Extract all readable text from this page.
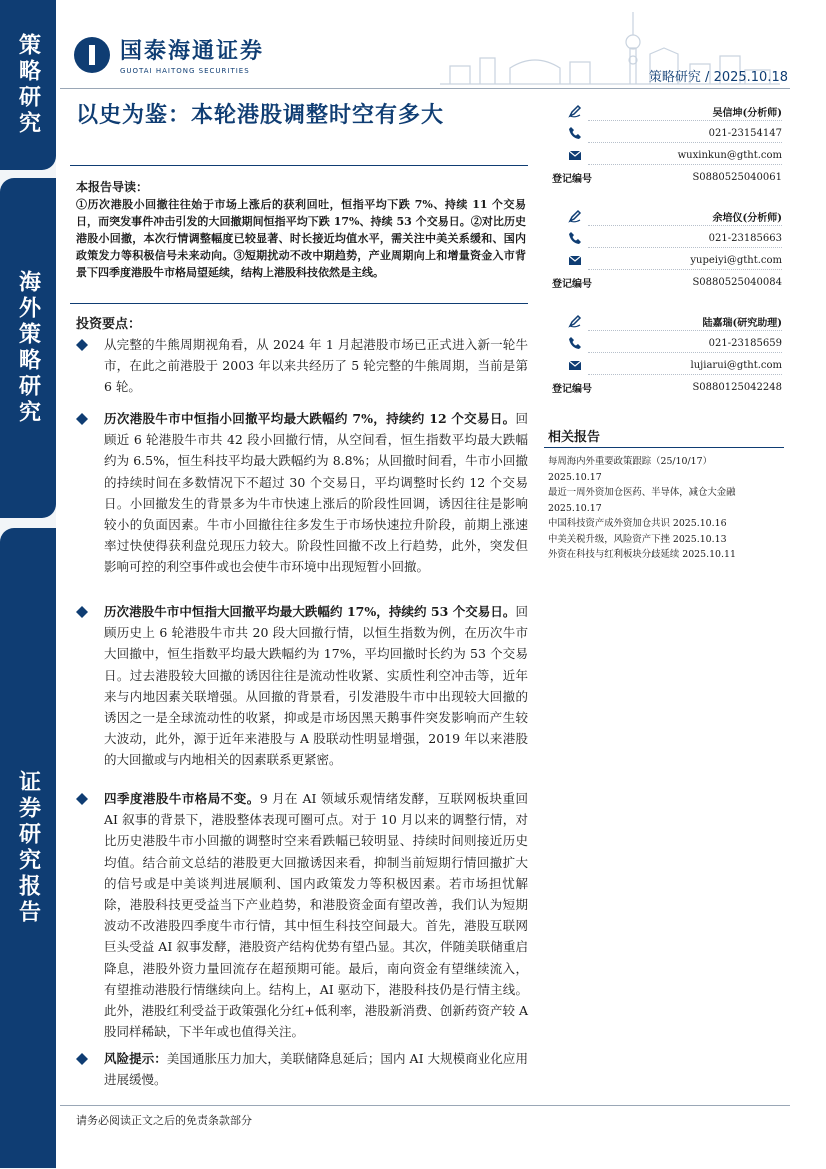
策略研究
海外策略研究
证券研究报告
国泰海通证券
GUOTAI HAITONG SECURITIES	策略研究 / 2025.10.18
以史为鉴：本轮港股调整时空有多大
本报告导读：
①历次港股小回撤往往始于市场上涨后的获利回吐，恒指平均下跌 7%、持续 11 个交易日，而突发事件冲击引发的大回撤期间恒指平均下跌 17%、持续 53 个交易日。②对比历史港股小回撤，本次行情调整幅度已较显著、时长接近均值水平，需关注中美关系缓和、国内政策发力等积极信号未来动向。③短期扰动不改中期趋势，产业周期向上和增量资金入市背景下四季度港股牛市格局望延续，结构上港股科技依然是主线。
投资要点：
从完整的牛熊周期视角看，从 2024 年 1 月起港股市场已正式进入新一轮牛市，在此之前港股于 2003 年以来共经历了 5 轮完整的牛熊周期，当前是第 6 轮。
历次港股牛市中恒指小回撤平均最大跌幅约 7%，持续约 12 个交易日。回顾近 6 轮港股牛市共 42 段小回撤行情，从空间看，恒生指数平均最大跌幅约为 6.5%，恒生科技平均最大跌幅约为 8.8%；从回撤时间看，牛市小回撤的持续时间在多数情况下不超过 30 个交易日，平均调整时长约 12 个交易日。小回撤发生的背景多为牛市快速上涨后的阶段性回调，诱因往往是影响较小的负面因素。牛市小回撤往往多发生于市场快速拉升阶段，前期上涨速率过快使得获利盘兑现压力较大。阶段性回撤不改上行趋势，此外，突发但影响可控的利空事件或也会使牛市环境中出现短暂小回撤。
历次港股牛市中恒指大回撤平均最大跌幅约 17%，持续约 53 个交易日。回顾历史上 6 轮港股牛市共 20 段大回撤行情，以恒生指数为例，在历次牛市大回撤中，恒生指数平均最大跌幅约为 17%，平均回撤时长约为 53 个交易日。过去港股较大回撤的诱因往往是流动性收紧、实质性利空冲击等，近年来与内地因素关联增强。从回撤的背景看，引发港股牛市中出现较大回撤的诱因之一是全球流动性的收紧，抑或是市场因黑天鹅事件突发影响而产生较大波动，此外，源于近年来港股与 A 股联动性明显增强，2019 年以来港股的大回撤或与内地相关的因素联系更紧密。
四季度港股牛市格局不变。9 月在 AI 领域乐观情绪发酵，互联网板块重回 AI 叙事的背景下，港股整体表现可圈可点。对于 10 月以来的调整行情，对比历史港股牛市小回撤的调整时空来看跌幅已较明显、持续时间则接近历史均值。结合前文总结的港股更大回撤诱因来看，抑制当前短期行情回撤扩大的信号或是中美谈判进展顺利、国内政策发力等积极因素。若市场担忧解除，港股科技更受益当下产业趋势，和港股资金面有望改善，我们认为短期波动不改港股四季度牛市行情，其中恒生科技空间最大。首先，港股互联网巨头受益 AI 叙事发酵，港股资产结构优势有望凸显。其次，伴随美联储重启降息，港股外资力量回流存在超预期可能。最后，南向资金有望继续流入，有望推动港股行情继续向上。结构上，AI 驱动下，港股科技仍是行情主线。此外，港股红利受益于政策强化分红+低利率，港股新消费、创新药资产较 A 股同样稀缺，下半年或也值得关注。
风险提示：美国通胀压力加大，美联储降息延后；国内 AI 大规模商业化应用进展缓慢。
吴信坤(分析师)
021-23154147
wuxinkun@gtht.com
登记编号	S0880525040061
余培仪(分析师)
021-23185663
yupeiyi@gtht.com
登记编号	S0880525040084
陆嘉瑞(研究助理)
021-23185659
lujiarui@gtht.com
登记编号	S0880125042248
相关报告
每周海内外重要政策跟踪（25/10/17）
2025.10.17
最近一周外资加仓医药、半导体，减仓大金融
2025.10.17
中国科技资产成外资加仓共识 2025.10.16
中美关税升级，风险资产下挫 2025.10.13
外资在科技与红利板块分歧延续 2025.10.11
请务必阅读正文之后的免责条款部分
